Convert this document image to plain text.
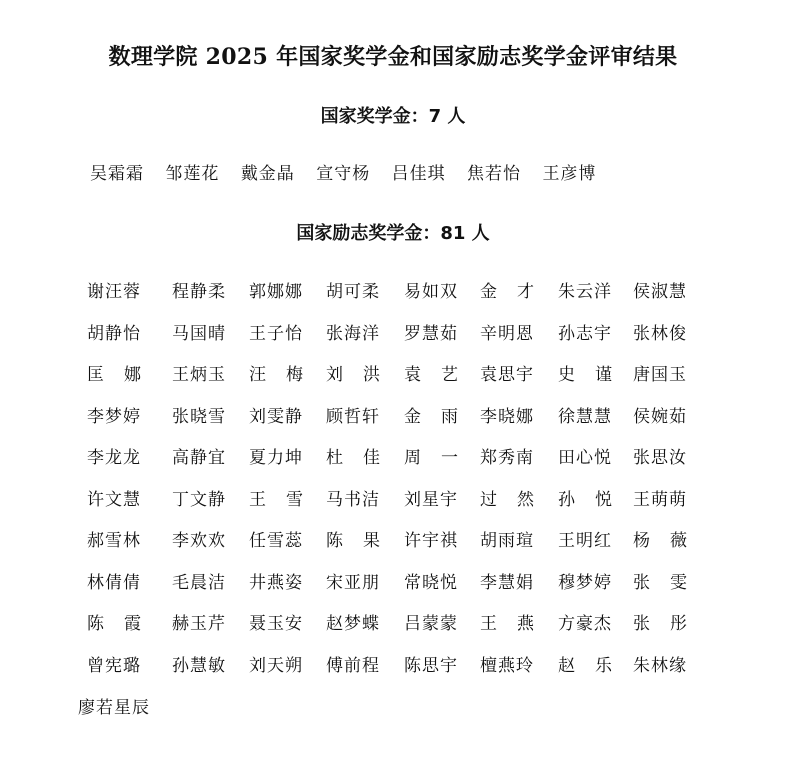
数理学院 2025 年国家奖学金和国家励志奖学金评审结果
国家奖学金：7 人
吴霜霜 邹莲花 戴金晶 宣守杨 吕佳琪 焦若怡 王彦博
国家励志奖学金：81 人
谢汪蓉	程静柔	郭娜娜	胡可柔	易如双	金才 朱云洋	侯淑慧
胡静怡	马国晴	王子怡	张海洋	罗慧茹	辛明恩	孙志宇	张林俊
匡娜 王炳玉	汪梅 刘洪 袁艺 袁思宇	史谨 唐国玉
李梦婷	张晓雪	刘雯静	顾哲轩	金雨 李晓娜	徐慧慧	侯婉茹
李龙龙	高静宜	夏力坤	杜佳 周一 郑秀南	田心悦	张思汝
许文慧	丁文静	王雪 马书洁	刘星宇	过然 孙悦 王萌萌
郝雪林	李欢欢	任雪蕊	陈果 许宇祺	胡雨瑄	王明红	杨薇
林倩倩	毛晨洁	井燕姿	宋亚朋	常晓悦	李慧娟	穆梦婷	张雯
陈霞 赫玉芹	聂玉安	赵梦蝶	吕蒙蒙	王燕 方豪杰	张彤
曾宪璐	孙慧敏	刘天朔	傅前程	陈思宇	檀燕玲	赵乐 朱林缘
廖若星辰
